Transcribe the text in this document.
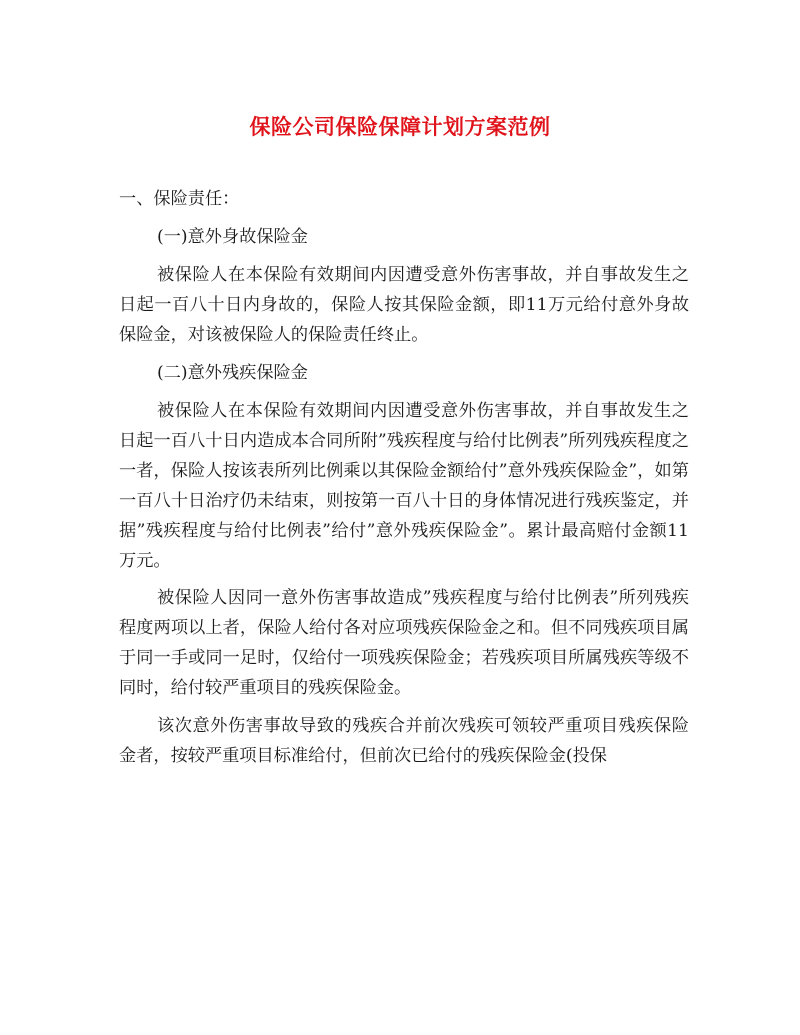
保险公司保险保障计划方案范例
一、保险责任：
(一)意外身故保险金
被保险人在本保险有效期间内因遭受意外伤害事故，并自事故发生之日起一百八十日内身故的，保险人按其保险金额，即11万元给付意外身故保险金，对该被保险人的保险责任终止。
(二)意外残疾保险金
被保险人在本保险有效期间内因遭受意外伤害事故，并自事故发生之日起一百八十日内造成本合同所附”残疾程度与给付比例表”所列残疾程度之一者，保险人按该表所列比例乘以其保险金额给付”意外残疾保险金”，如第一百八十日治疗仍未结束，则按第一百八十日的身体情况进行残疾鉴定，并据”残疾程度与给付比例表”给付”意外残疾保险金”。累计最高赔付金额11万元。
被保险人因同一意外伤害事故造成”残疾程度与给付比例表”所列残疾程度两项以上者，保险人给付各对应项残疾保险金之和。但不同残疾项目属于同一手或同一足时，仅给付一项残疾保险金；若残疾项目所属残疾等级不同时，给付较严重项目的残疾保险金。
该次意外伤害事故导致的残疾合并前次残疾可领较严重项目残疾保险金者，按较严重项目标准给付，但前次已给付的残疾保险金(投保
